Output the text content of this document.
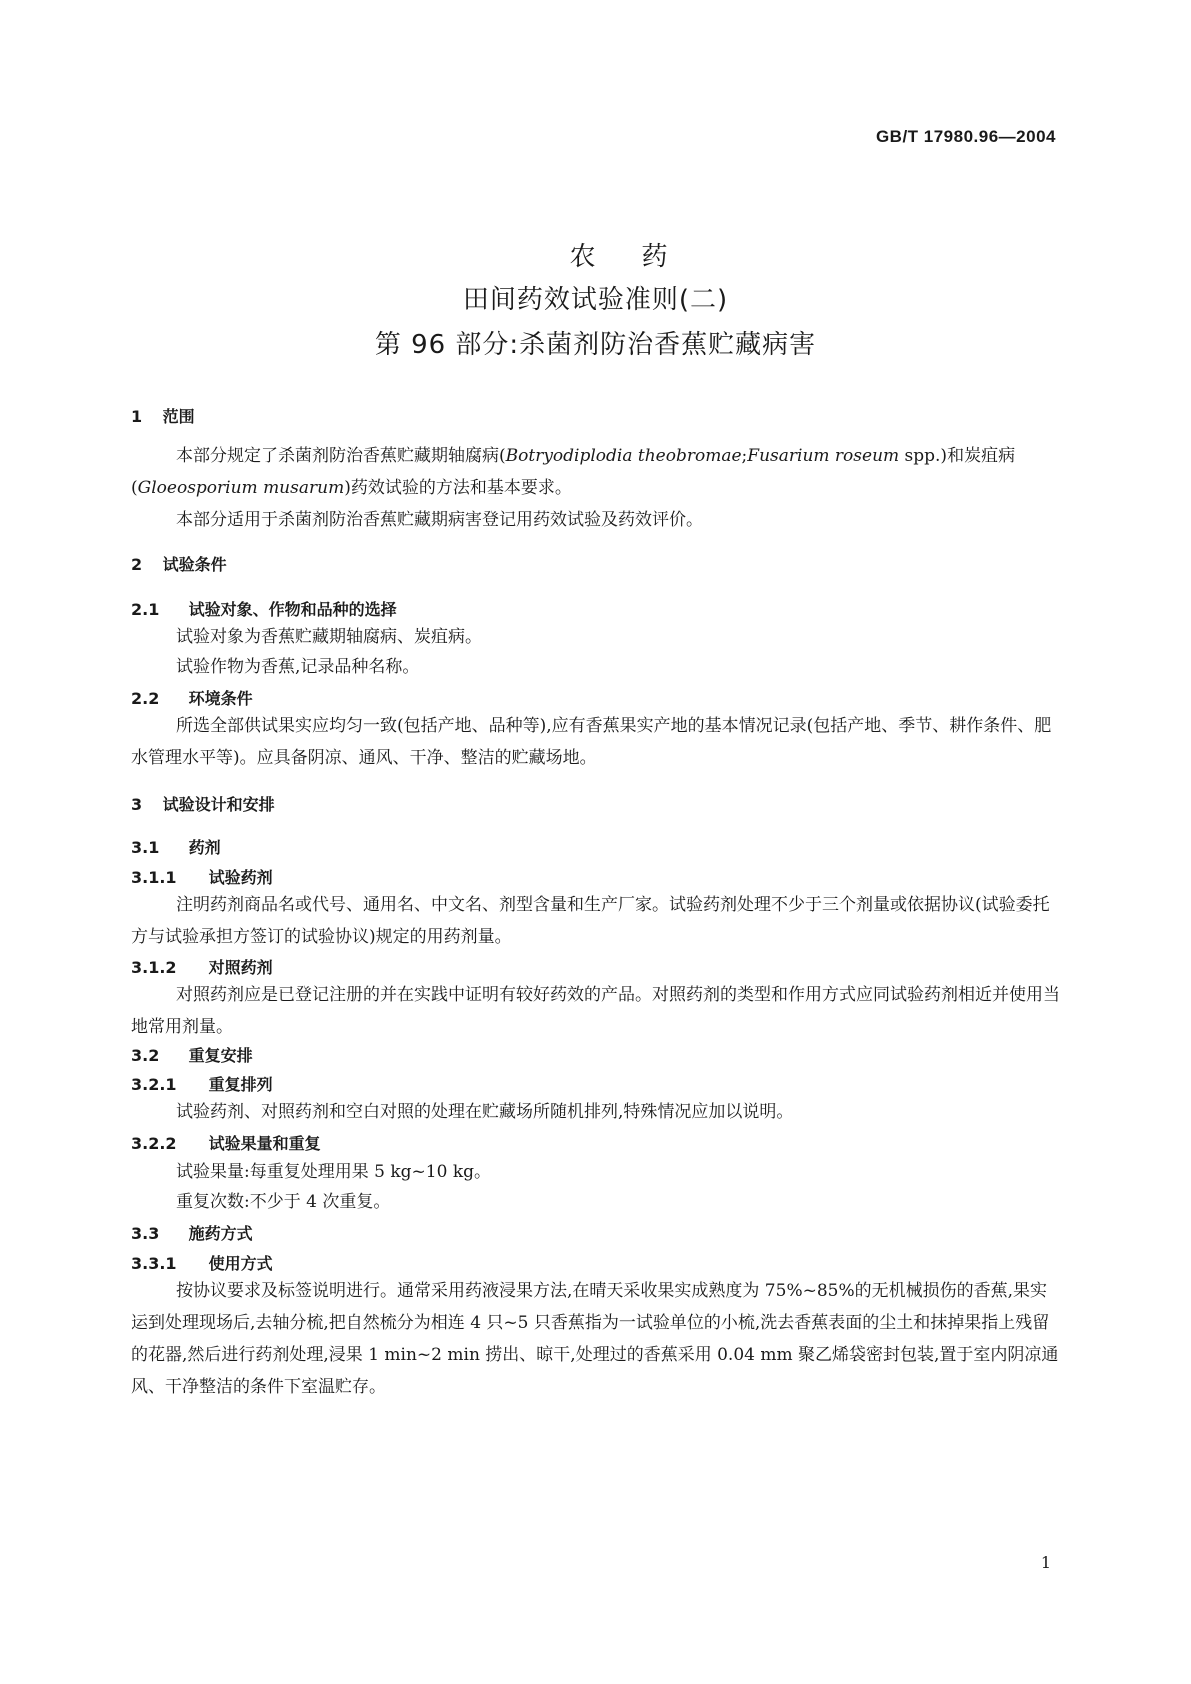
GB/T 17980.96—2004
农药
田间药效试验准则(二)
第 96 部分:杀菌剂防治香蕉贮藏病害
1 范围
本部分规定了杀菌剂防治香蕉贮藏期轴腐病(Botryodiplodia theobromae;Fusarium roseum spp.)和炭疽病(Gloeosporium musarum)药效试验的方法和基本要求。
本部分适用于杀菌剂防治香蕉贮藏期病害登记用药效试验及药效评价。
2 试验条件
2.1 试验对象、作物和品种的选择
试验对象为香蕉贮藏期轴腐病、炭疽病。
试验作物为香蕉,记录品种名称。
2.2 环境条件
所选全部供试果实应均匀一致(包括产地、品种等),应有香蕉果实产地的基本情况记录(包括产地、季节、耕作条件、肥水管理水平等)。应具备阴凉、通风、干净、整洁的贮藏场地。
3 试验设计和安排
3.1 药剂
3.1.1 试验药剂
注明药剂商品名或代号、通用名、中文名、剂型含量和生产厂家。试验药剂处理不少于三个剂量或依据协议(试验委托方与试验承担方签订的试验协议)规定的用药剂量。
3.1.2 对照药剂
对照药剂应是已登记注册的并在实践中证明有较好药效的产品。对照药剂的类型和作用方式应同试验药剂相近并使用当地常用剂量。
3.2 重复安排
3.2.1 重复排列
试验药剂、对照药剂和空白对照的处理在贮藏场所随机排列,特殊情况应加以说明。
3.2.2 试验果量和重复
试验果量:每重复处理用果 5 kg~10 kg。
重复次数:不少于 4 次重复。
3.3 施药方式
3.3.1 使用方式
按协议要求及标签说明进行。通常采用药液浸果方法,在晴天采收果实成熟度为 75%~85%的无机械损伤的香蕉,果实运到处理现场后,去轴分梳,把自然梳分为相连 4 只~5 只香蕉指为一试验单位的小梳,洗去香蕉表面的尘土和抹掉果指上残留的花器,然后进行药剂处理,浸果 1 min~2 min 捞出、晾干,处理过的香蕉采用 0.04 mm 聚乙烯袋密封包装,置于室内阴凉通风、干净整洁的条件下室温贮存。
1
